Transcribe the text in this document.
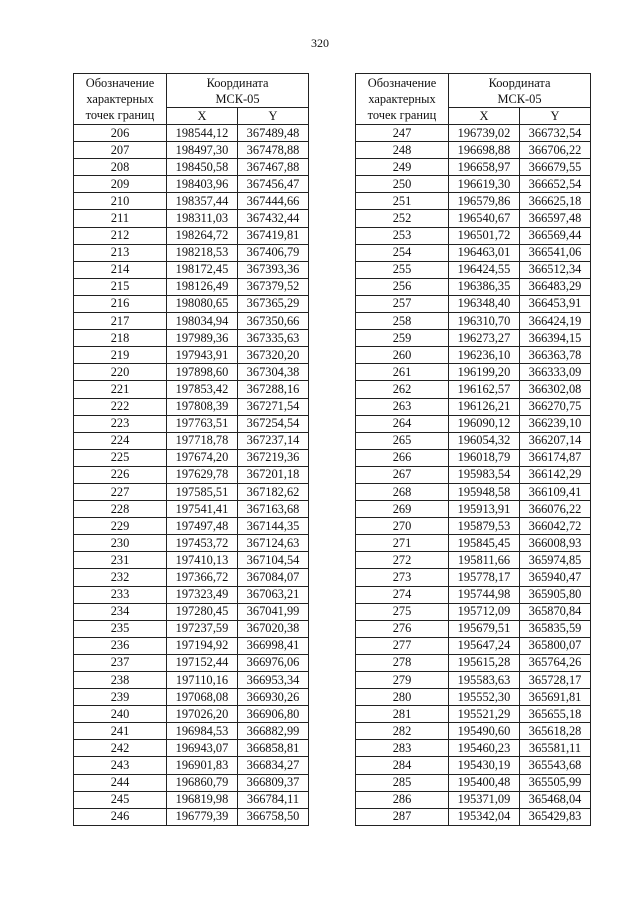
320
Обозначение
характерных
точек границ	Координата
МСК-05	
	X	Y
206	198544,12	367489,48
207	198497,30	367478,88
208	198450,58	367467,88
209	198403,96	367456,47
210	198357,44	367444,66
211	198311,03	367432,44
212	198264,72	367419,81
213	198218,53	367406,79
214	198172,45	367393,36
215	198126,49	367379,52
216	198080,65	367365,29
217	198034,94	367350,66
218	197989,36	367335,63
219	197943,91	367320,20
220	197898,60	367304,38
221	197853,42	367288,16
222	197808,39	367271,54
223	197763,51	367254,54
224	197718,78	367237,14
225	197674,20	367219,36
226	197629,78	367201,18
227	197585,51	367182,62
228	197541,41	367163,68
229	197497,48	367144,35
230	197453,72	367124,63
231	197410,13	367104,54
232	197366,72	367084,07
233	197323,49	367063,21
234	197280,45	367041,99
235	197237,59	367020,38
236	197194,92	366998,41
237	197152,44	366976,06
238	197110,16	366953,34
239	197068,08	366930,26
240	197026,20	366906,80
241	196984,53	366882,99
242	196943,07	366858,81
243	196901,83	366834,27
244	196860,79	366809,37
245	196819,98	366784,11
246	196779,39	366758,50
Обозначение
характерных
точек границ	Координата
МСК-05	
	X	Y
247	196739,02	366732,54
248	196698,88	366706,22
249	196658,97	366679,55
250	196619,30	366652,54
251	196579,86	366625,18
252	196540,67	366597,48
253	196501,72	366569,44
254	196463,01	366541,06
255	196424,55	366512,34
256	196386,35	366483,29
257	196348,40	366453,91
258	196310,70	366424,19
259	196273,27	366394,15
260	196236,10	366363,78
261	196199,20	366333,09
262	196162,57	366302,08
263	196126,21	366270,75
264	196090,12	366239,10
265	196054,32	366207,14
266	196018,79	366174,87
267	195983,54	366142,29
268	195948,58	366109,41
269	195913,91	366076,22
270	195879,53	366042,72
271	195845,45	366008,93
272	195811,66	365974,85
273	195778,17	365940,47
274	195744,98	365905,80
275	195712,09	365870,84
276	195679,51	365835,59
277	195647,24	365800,07
278	195615,28	365764,26
279	195583,63	365728,17
280	195552,30	365691,81
281	195521,29	365655,18
282	195490,60	365618,28
283	195460,23	365581,11
284	195430,19	365543,68
285	195400,48	365505,99
286	195371,09	365468,04
287	195342,04	365429,83
